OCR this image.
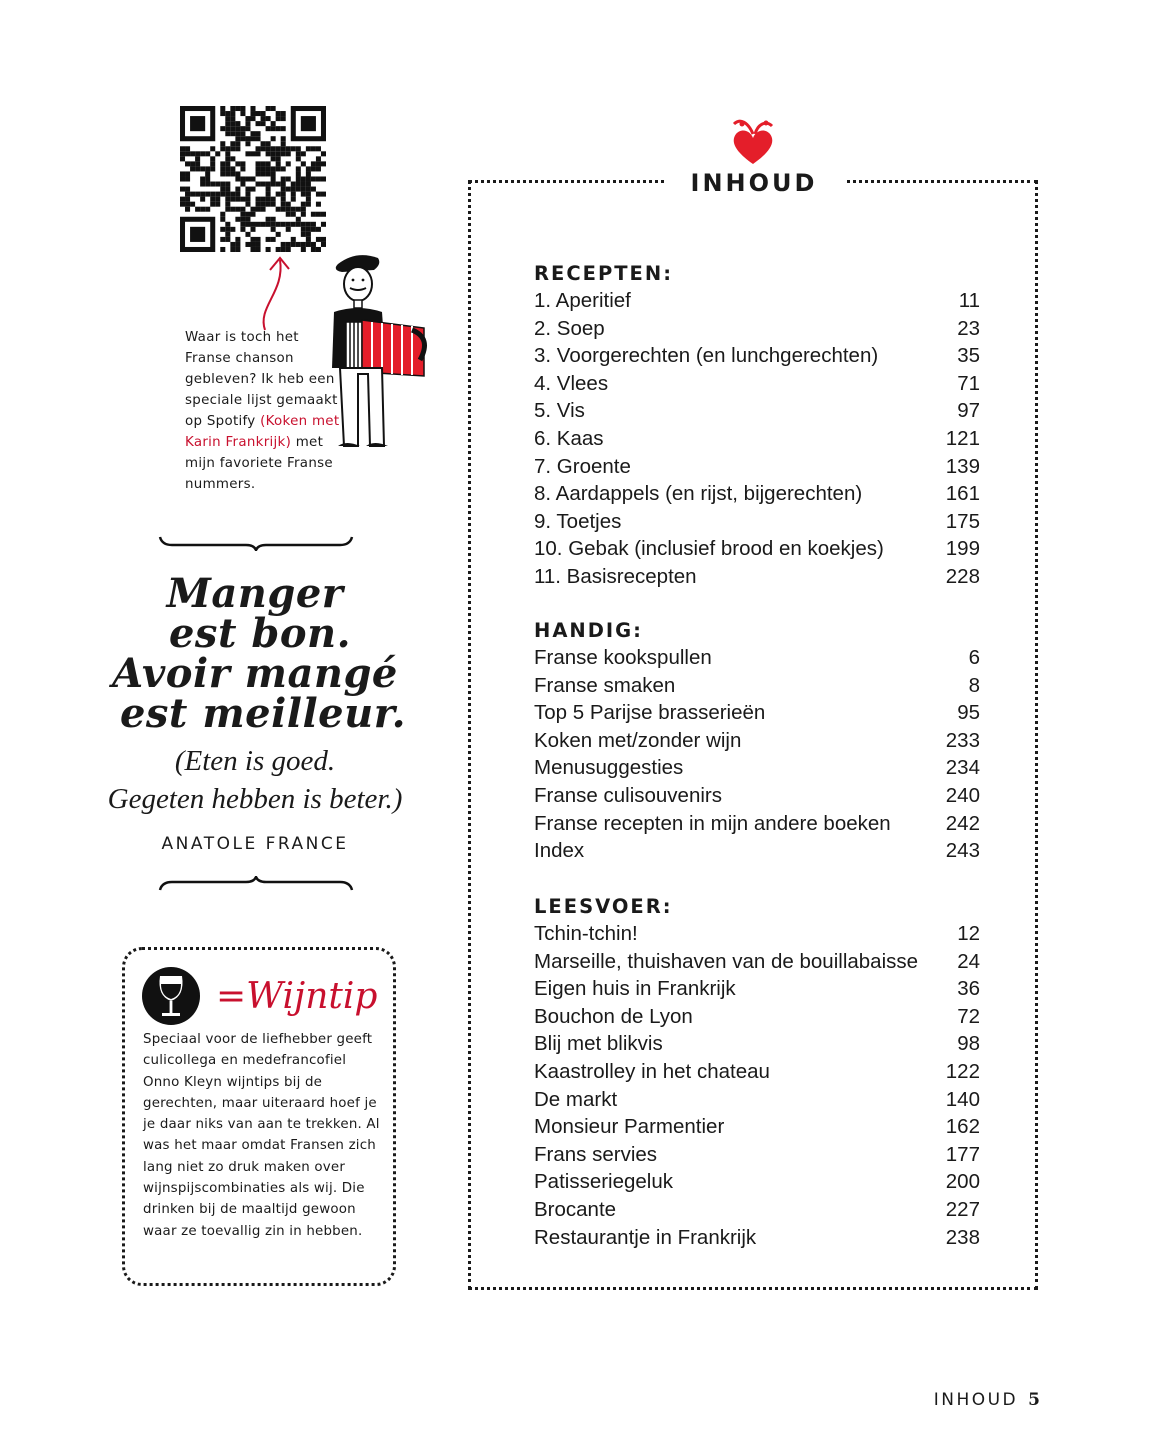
Waar is toch het Franse chanson gebleven? Ik heb een speciale lijst gemaakt op Spotify (Koken met Karin Frankrijk) met mijn favoriete Franse nummers.
Manger
est bon.
Avoir mangé
est meilleur.
(Eten is goed.
Gegeten hebben is beter.)
ANATOLE FRANCE
=Wijntip
Speciaal voor de liefhebber geeft culicollega en medefrancofiel Onno Kleyn wijntips bij de gerechten, maar uiteraard hoef je je daar niks van aan te trekken. Al was het maar omdat Fransen zich lang niet zo druk maken over wijnspijscombinaties als wij. Die drinken bij de maaltijd gewoon waar ze toevallig zin in hebben.
INHOUD
RECEPTEN:
1. Aperitief	11
2. Soep	23
3. Voorgerechten (en lunchgerechten)	35
4. Vlees	71
5. Vis	97
6. Kaas	121
7. Groente	139
8. Aardappels (en rijst, bijgerechten)	161
9. Toetjes	175
10. Gebak (inclusief brood en koekjes)	199
11. Basisrecepten	228
HANDIG:
Franse kookspullen	6
Franse smaken	8
Top 5 Parijse brasserieën	95
Koken met/zonder wijn	233
Menusuggesties	234
Franse culisouvenirs	240
Franse recepten in mijn andere boeken	242
Index	243
LEESVOER:
Tchin-tchin!	12
Marseille, thuishaven van de bouillabaisse 24
Eigen huis in Frankrijk	36
Bouchon de Lyon	72
Blij met blikvis	98
Kaastrolley in het chateau	122
De markt	140
Monsieur Parmentier	162
Frans servies	177
Patisseriegeluk	200
Brocante	227
Restaurantje in Frankrijk	238
INHOUD 5
